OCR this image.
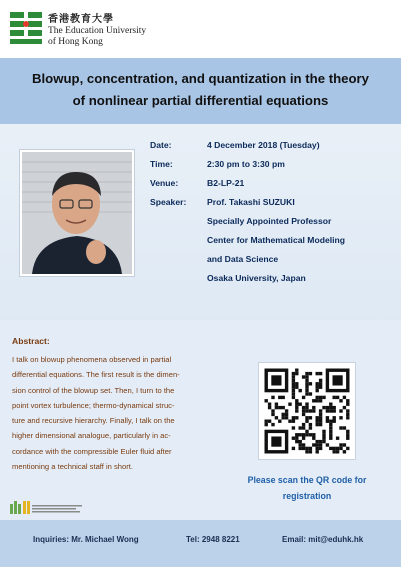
香港教育大學
The Education University
of Hong Kong
Blowup, concentration, and quantization in the theory
of nonlinear partial differential equations
Date:	4 December 2018 (Tuesday)
Time:	2:30 pm to 3:30 pm
Venue:	B2-LP-21
Speaker: Prof. Takashi SUZUKI
Specially Appointed Professor
Center for Mathematical Modeling
and Data Science
Osaka University, Japan
Abstract:
I talk on blowup phenomena observed in partial
differential equations. The first result is the dimen-
sion control of the blowup set. Then, I turn to the
point vortex turbulence; thermo-dynamical struc-
ture and recursive hierarchy. Finally, I talk on the
higher dimensional analogue, particularly in ac-
cordance with the compressible Euler fluid after
mentioning a technical staff in short.
Please scan the QR code for
registration
Inquiries: Mr. Michael Wong	Tel: 2948 8221	Email: mit@eduhk.hk
